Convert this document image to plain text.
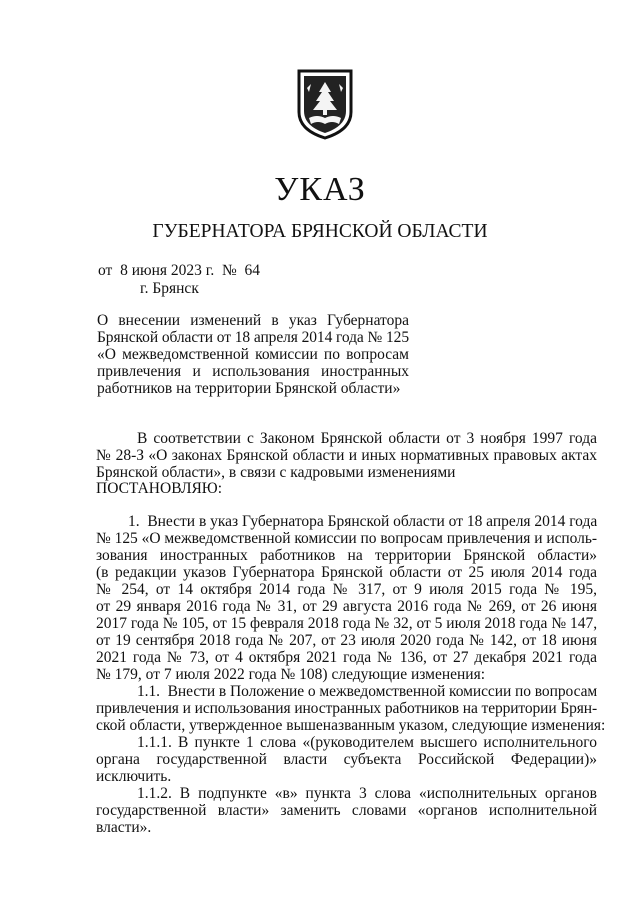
УКАЗ
ГУБЕРНАТОРА БРЯНСКОЙ ОБЛАСТИ
от  8 июня 2023 г.  №  64
г. Брянск
О внесении изменений в указ Губернатора
Брянской области от 18 апреля 2014 года № 125
«О межведомственной комиссии по вопросам
привлечения и использования иностранных
работников на территории Брянской области»
В соответствии с Законом Брянской области от 3 ноября 1997 года
№ 28-З «О законах Брянской области и иных нормативных правовых актах
Брянской области», в связи с кадровыми изменениями
ПОСТАНОВЛЯЮ:
1.  Внести в указ Губернатора Брянской области от 18 апреля 2014 года
№ 125 «О межведомственной комиссии по вопросам привлечения и исполь-
зования иностранных работников на территории Брянской области»
(в редакции указов Губернатора Брянской области от 25 июля 2014 года
№ 254, от 14 октября 2014 года № 317, от 9 июля 2015 года № 195,
от 29 января 2016 года № 31, от 29 августа 2016 года № 269, от 26 июня
2017 года № 105, от 15 февраля 2018 года № 32, от 5 июля 2018 года № 147,
от 19 сентября 2018 года № 207, от 23 июля 2020 года № 142, от 18 июня
2021 года № 73, от 4 октября 2021 года № 136, от 27 декабря 2021 года
№ 179, от 7 июля 2022 года № 108) следующие изменения:
1.1.  Внести в Положение о межведомственной комиссии по вопросам
привлечения и использования иностранных работников на территории Брян-
ской области, утвержденное вышеназванным указом, следующие изменения:
1.1.1. В пункте 1 слова «(руководителем высшего исполнительного
органа государственной власти субъекта Российской Федерации)»
исключить.
1.1.2. В подпункте «в» пункта 3 слова «исполнительных органов
государственной власти» заменить словами «органов исполнительной
власти».
